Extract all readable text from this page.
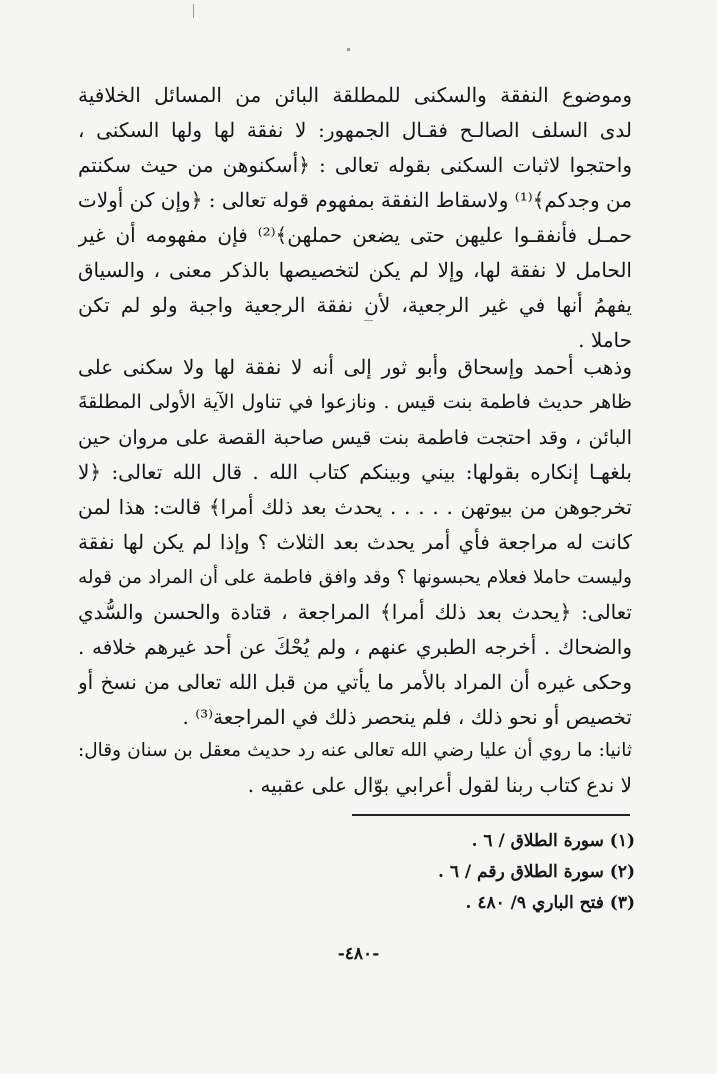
وموضوع النفقة والسكنى للمطلقة البائن من المسائل الخلافية
لدى السلف الصالـح فقـال الجمهور: لا نفقة لها ولها السكنى ،
واحتجوا لاثبات السكنى بقوله تعالى : ﴿أسكنوهن من حيث سكنتم
من وجدكم﴾⁽¹⁾ ولاسقاط النفقة بمفهوم قوله تعالى : ﴿وإن كن أولات
حمـل فأنفقـوا عليهن حتى يضعن حملهن﴾⁽²⁾ فإن مفهومه أن غير
الحامل لا نفقة لها، وإلا لم يكن لتخصيصها بالذكر معنى ، والسياق
يفهمُ أنها في غير الرجعية، لأن نفقة الرجعية واجبة ولو لم تكن
حاملا .
وذهب أحمد وإسحاق وأبو ثور إلى أنه لا نفقة لها ولا سكنى على
ظاهر حديث فاطمة بنت قيس . ونازعوا في تناول الآية الأولى المطلقةَ
البائن ، وقد احتجت فاطمة بنت قيس صاحبة القصة على مروان حين
بلغهـا إنكاره بقولها: بيني وبينكم كتاب الله . قال الله تعالى: ﴿لا
تخرجوهن من بيوتهن . . . . . يحدث بعد ذلك أمرا﴾ قالت: هذا لمن
كانت له مراجعة فأي أمر يحدث بعد الثلاث ؟ وإذا لم يكن لها نفقة
وليست حاملا فعلام يحبسونها ؟ وقد وافق فاطمة على أن المراد من قوله
تعالى: ﴿يحدث بعد ذلك أمرا﴾ المراجعة ، قتادة والحسن والسُّدي
والضحاك . أخرجه الطبري عنهم ، ولم يُحْكَ عن أحد غيرهم خلافه .
وحكى غيره أن المراد بالأمر ما يأتي من قبل الله تعالى من نسخ أو
تخصيص أو نحو ذلك ، فلم ينحصر ذلك في المراجعة⁽³⁾ .
ثانيا: ما روي أن عليا رضي الله تعالى عنه رد حديث معقل بن سنان وقال:
لا ندع كتاب ربنا لقول أعرابي بوّال على عقبيه .
(١) سورة الطلاق / ٦ .
(٢) سورة الطلاق رقم / ٦ .
(٣) فتح الباري ٩/ ٤٨٠ .
-٤٨٠-
